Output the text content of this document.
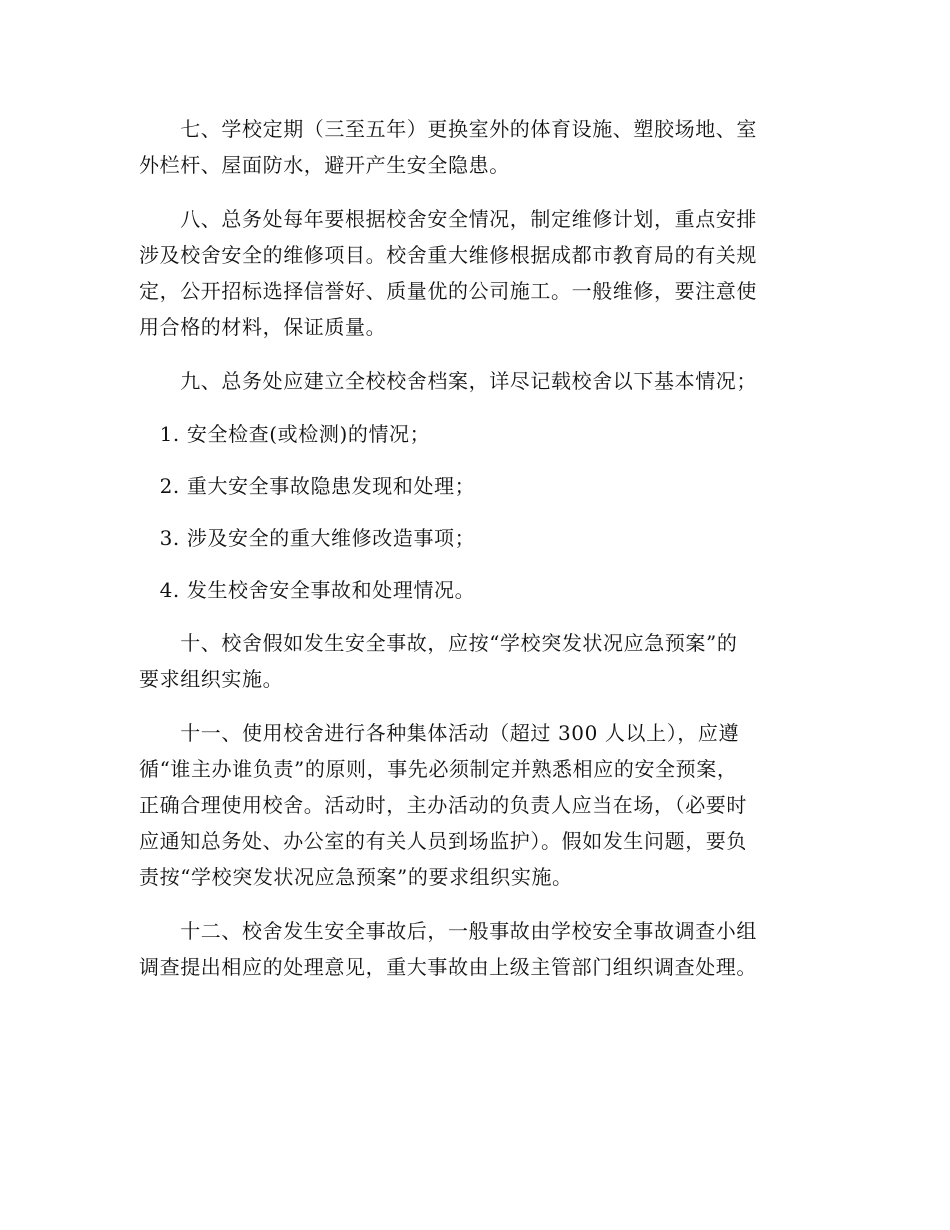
　　七、学校定期（三至五年）更换室外的体育设施、塑胶场地、室
外栏杆、屋面防水，避开产生安全隐患。
　　八、总务处每年要根据校舍安全情况，制定维修计划，重点安排
涉及校舍安全的维修项目。校舍重大维修根据成都市教育局的有关规
定，公开招标选择信誉好、质量优的公司施工。一般维修，要注意使
用合格的材料，保证质量。
　　九、总务处应建立全校校舍档案，详尽记载校舍以下基本情况；
　1. 安全检查(或检测)的情况；
　2. 重大安全事故隐患发现和处理；
　3. 涉及安全的重大维修改造事项；
　4. 发生校舍安全事故和处理情况。
　　十、校舍假如发生安全事故，应按“学校突发状况应急预案”的
要求组织实施。
　　十一、使用校舍进行各种集体活动（超过 300 人以上），应遵
循“谁主办谁负责”的原则，事先必须制定并熟悉相应的安全预案，
正确合理使用校舍。活动时，主办活动的负责人应当在场，（必要时
应通知总务处、办公室的有关人员到场监护）。假如发生问题，要负
责按“学校突发状况应急预案”的要求组织实施。
　　十二、校舍发生安全事故后，一般事故由学校安全事故调查小组
调查提出相应的处理意见，重大事故由上级主管部门组织调查处理。
